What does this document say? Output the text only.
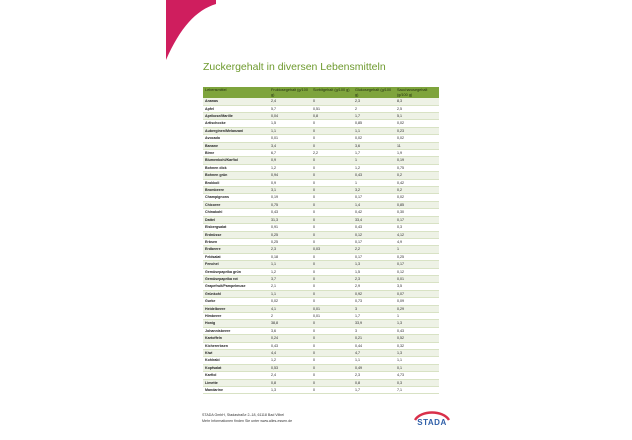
Zuckergehalt in diversen Lebensmitteln
Lebensmittel	Fruktosegehalt (g/100 g)	Sorbitgehalt (g/100 g)	Glukosegehalt (g/100 g)	Saccharosegehalt (g/100 g)
Ananas	2,4	0	2,3	8,3
Apfel	5,7	0,51	2	2,5
Aprikose/Marille	0,04	0,8	1,7	5,1
Artischocke	1,5	0	0,85	0,02
Auberginen/Melanzani	1,1	0	1,1	0,23
Avocado	0,01	0	0,02	0,02
Banane	3,4	0	3,6	11
Birne	6,7	2,2	1,7	1,9
Blumenkohl/Karfiol	0,9	0	1	0,19
Bohnen dick	1,2	0	1,2	0,75
Bohnen grün	0,94	0	0,43	0,2
Brokkoli	0,9	0	1	0,42
Brombeere	3,1	0	3,2	0,2
Champignons	0,19	0	0,17	0,02
Chicoree	0,75	0	1,4	0,85
Chinakohl	0,43	0	0,42	0,30
Dattel	31,3	0	33,4	0,17
Eisbergsalat	0,91	0	0,43	0,3
Erdnüsse	0,25	0	0,12	4,12
Erbsen	0,25	0	0,17	4,9
Erdbeere	2,3	0,03	2,2	1
Feldsalat	0,18	0	0,17	0,25
Fenchel	1,1	0	1,3	0,17
Gemüsepaprika grün	1,2	0	1,5	0,12
Gemüsepaprika rot	3,7	0	2,3	0,01
Grapefruit/Pampelmuse	2,1	0	2,9	3,5
Grünkohl	1,1	0	0,92	0,07
Gurke	0,02	0	0,73	0,09
Heidelbeere	4,1	0,01	3	0,29
Himbeere	2	0,01	1,7	1
Honig	38,8	0	33,9	1,3
Johannisbeere	3,6	0	3	0,43
Kartoffeln	0,24	0	0,21	0,52
Kichererbsen	0,43	0	0,44	0,32
Kiwi	4,4	0	4,7	1,3
Kohlrabi	1,2	0	1,1	1,1
Kopfsalat	0,53	0	0,49	0,1
Karfiol	2,4	0	2,3	4,73
Limette	0,8	0	0,8	0,3
Mandarine	1,3	0	1,7	7,1
STADA GmbH, Stadastraße 2–18, 61118 Bad Vilbel
Mehr Informationen finden Sie unter www.alles-essen.de	STADA
